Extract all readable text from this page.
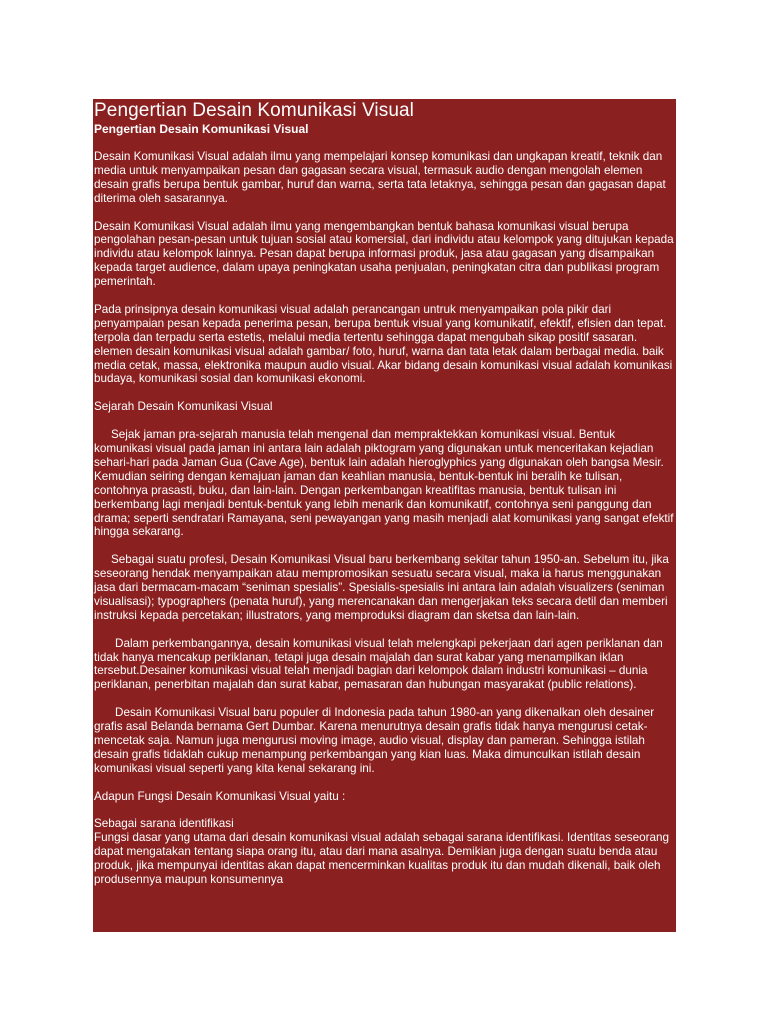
Pengertian Desain Komunikasi Visual
Pengertian Desain Komunikasi Visual

Desain Komunikasi Visual adalah ilmu yang mempelajari konsep komunikasi dan ungkapan kreatif, teknik dan media untuk menyampaikan pesan dan gagasan secara visual, termasuk audio dengan mengolah elemen desain grafis berupa bentuk gambar, huruf dan warna, serta tata letaknya, sehingga pesan dan gagasan dapat diterima oleh sasarannya.

Desain Komunikasi Visual adalah ilmu yang mengembangkan bentuk bahasa komunikasi visual berupa pengolahan pesan-pesan untuk tujuan sosial atau komersial, dari individu atau kelompok yang ditujukan kepada individu atau kelompok lainnya. Pesan dapat berupa informasi produk, jasa atau gagasan yang disampaikan kepada target audience, dalam upaya peningkatan usaha penjualan, peningkatan citra dan publikasi program pemerintah.

Pada prinsipnya desain komunikasi visual adalah perancangan untruk menyampaikan pola pikir dari penyampaian pesan kepada penerima pesan, berupa bentuk visual yang komunikatif, efektif, efisien dan tepat. terpola dan terpadu serta estetis, melalui media tertentu sehingga dapat mengubah sikap positif sasaran. elemen desain komunikasi visual adalah gambar/ foto, huruf, warna dan tata letak dalam berbagai media. baik media cetak, massa, elektronika maupun audio visual. Akar bidang desain komunikasi visual adalah komunikasi budaya, komunikasi sosial dan komunikasi ekonomi.

Sejarah Desain Komunikasi Visual

Sejak jaman pra-sejarah manusia telah mengenal dan mempraktekkan komunikasi visual. Bentuk komunikasi visual pada jaman ini antara lain adalah piktogram yang digunakan untuk menceritakan kejadian sehari-hari pada Jaman Gua (Cave Age), bentuk lain adalah hieroglyphics yang digunakan oleh bangsa Mesir. Kemudian seiring dengan kemajuan jaman dan keahlian manusia, bentuk-bentuk ini beralih ke tulisan, contohnya prasasti, buku, dan lain-lain. Dengan perkembangan kreatifitas manusia, bentuk tulisan ini berkembang lagi menjadi bentuk-bentuk yang lebih menarik dan komunikatif, contohnya seni panggung dan drama; seperti sendratari Ramayana, seni pewayangan yang masih menjadi alat komunikasi yang sangat efektif hingga sekarang.

Sebagai suatu profesi, Desain Komunikasi Visual baru berkembang sekitar tahun 1950-an. Sebelum itu, jika seseorang hendak menyampaikan atau mempromosikan sesuatu secara visual, maka ia harus menggunakan jasa dari bermacam-macam “seniman spesialis”. Spesialis-spesialis ini antara lain adalah visualizers (seniman visualisasi); typographers (penata huruf), yang merencanakan dan mengerjakan teks secara detil dan memberi instruksi kepada percetakan; illustrators, yang memproduksi diagram dan sketsa dan lain-lain.

Dalam perkembangannya, desain komunikasi visual telah melengkapi pekerjaan dari agen periklanan dan tidak hanya mencakup periklanan, tetapi juga desain majalah dan surat kabar yang menampilkan iklan tersebut.Desainer komunikasi visual telah menjadi bagian dari kelompok dalam industri komunikasi – dunia periklanan, penerbitan majalah dan surat kabar, pemasaran dan hubungan masyarakat (public relations).

Desain Komunikasi Visual baru populer di Indonesia pada tahun 1980-an yang dikenalkan oleh desainer grafis asal Belanda bernama Gert Dumbar. Karena menurutnya desain grafis tidak hanya mengurusi cetak-mencetak saja. Namun juga mengurusi moving image, audio visual, display dan pameran. Sehingga istilah desain grafis tidaklah cukup menampung perkembangan yang kian luas. Maka dimunculkan istilah desain komunikasi visual seperti yang kita kenal sekarang ini.

Adapun Fungsi Desain Komunikasi Visual yaitu :
Sebagai sarana identifikasi
Fungsi dasar yang utama dari desain komunikasi visual adalah sebagai sarana identifikasi. Identitas seseorang dapat mengatakan tentang siapa orang itu, atau dari mana asalnya. Demikian juga dengan suatu benda atau produk, jika mempunyai identitas akan dapat mencerminkan kualitas produk itu dan mudah dikenali, baik oleh produsennya maupun konsumennya
